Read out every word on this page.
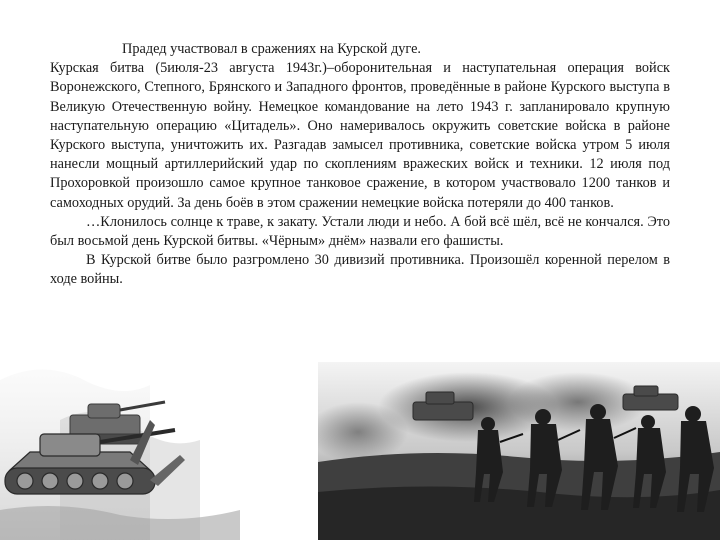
Прадед участвовал в сражениях на Курской дуге.

Курская битва (5июля-23 августа 1943г.)–оборонительная и наступательная операция войск Воронежского, Степного, Брянского и Западного фронтов, проведённые в районе Курского выступа в Великую Отечественную войну. Немецкое командование на лето 1943 г. запланировало крупную наступательную операцию «Цитадель». Оно намеривалось окружить советские войска в районе Курского выступа, уничтожить их. Разгадав замысел противника, советские войска утром 5 июля нанесли мощный артиллерийский удар по скоплениям вражеских войск и техники. 12 июля под Прохоровкой произошло самое крупное танковое сражение, в котором участвовало 1200 танков и самоходных орудий. За день боёв в этом сражении немецкие войска потеряли до 400 танков.

…Клонилось солнце к траве, к закату. Устали люди и небо. А бой всё шёл, всё не кончался. Это был восьмой день Курской битвы. «Чёрным» днём» назвали его фашисты.

В Курской битве было разгромлено 30 дивизий противника. Произошёл коренной перелом в ходе войны.
